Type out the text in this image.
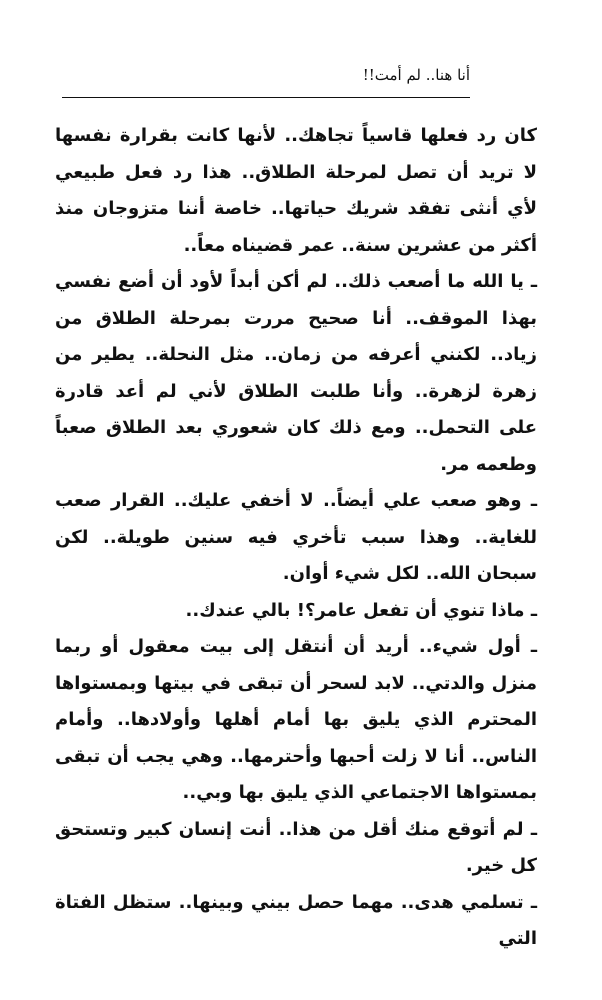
أنا هنا.. لم أمت!!

كان رد فعلها قاسياً تجاهك.. لأنها كانت بقرارة نفسها لا تريد أن تصل لمرحلة الطلاق.. هذا رد فعل طبيعي لأي أنثى تفقد شريك حياتها.. خاصة أننا متزوجان منذ أكثر من عشرين سنة.. عمر قضيناه معاً..

ـ يا الله ما أصعب ذلك.. لم أكن أبداً لأود أن أضع نفسي بهذا الموقف.. أنا صحيح مررت بمرحلة الطلاق من زياد.. لكنني أعرفه من زمان.. مثل النحلة.. يطير من زهرة لزهرة.. وأنا طلبت الطلاق لأني لم أعد قادرة على التحمل.. ومع ذلك كان شعوري بعد الطلاق صعباً وطعمه مر.

ـ وهو صعب علي أيضاً.. لا أخفي عليك.. القرار صعب للغاية.. وهذا سبب تأخري فيه سنين طويلة.. لكن سبحان الله.. لكل شيء أوان.

ـ ماذا تنوي أن تفعل عامر؟! بالي عندك..

ـ أول شيء.. أريد أن أنتقل إلى بيت معقول أو ربما منزل والدتي.. لابد لسحر أن تبقى في بيتها وبمستواها المحترم الذي يليق بها أمام أهلها وأولادها.. وأمام الناس.. أنا لا زلت أحبها وأحترمها.. وهي يجب أن تبقى بمستواها الاجتماعي الذي يليق بها وبي..

ـ لم أتوقع منك أقل من هذا.. أنت إنسان كبير وتستحق كل خير.

ـ تسلمي هدى.. مهما حصل بيني وبينها.. ستظل الفتاة التي
